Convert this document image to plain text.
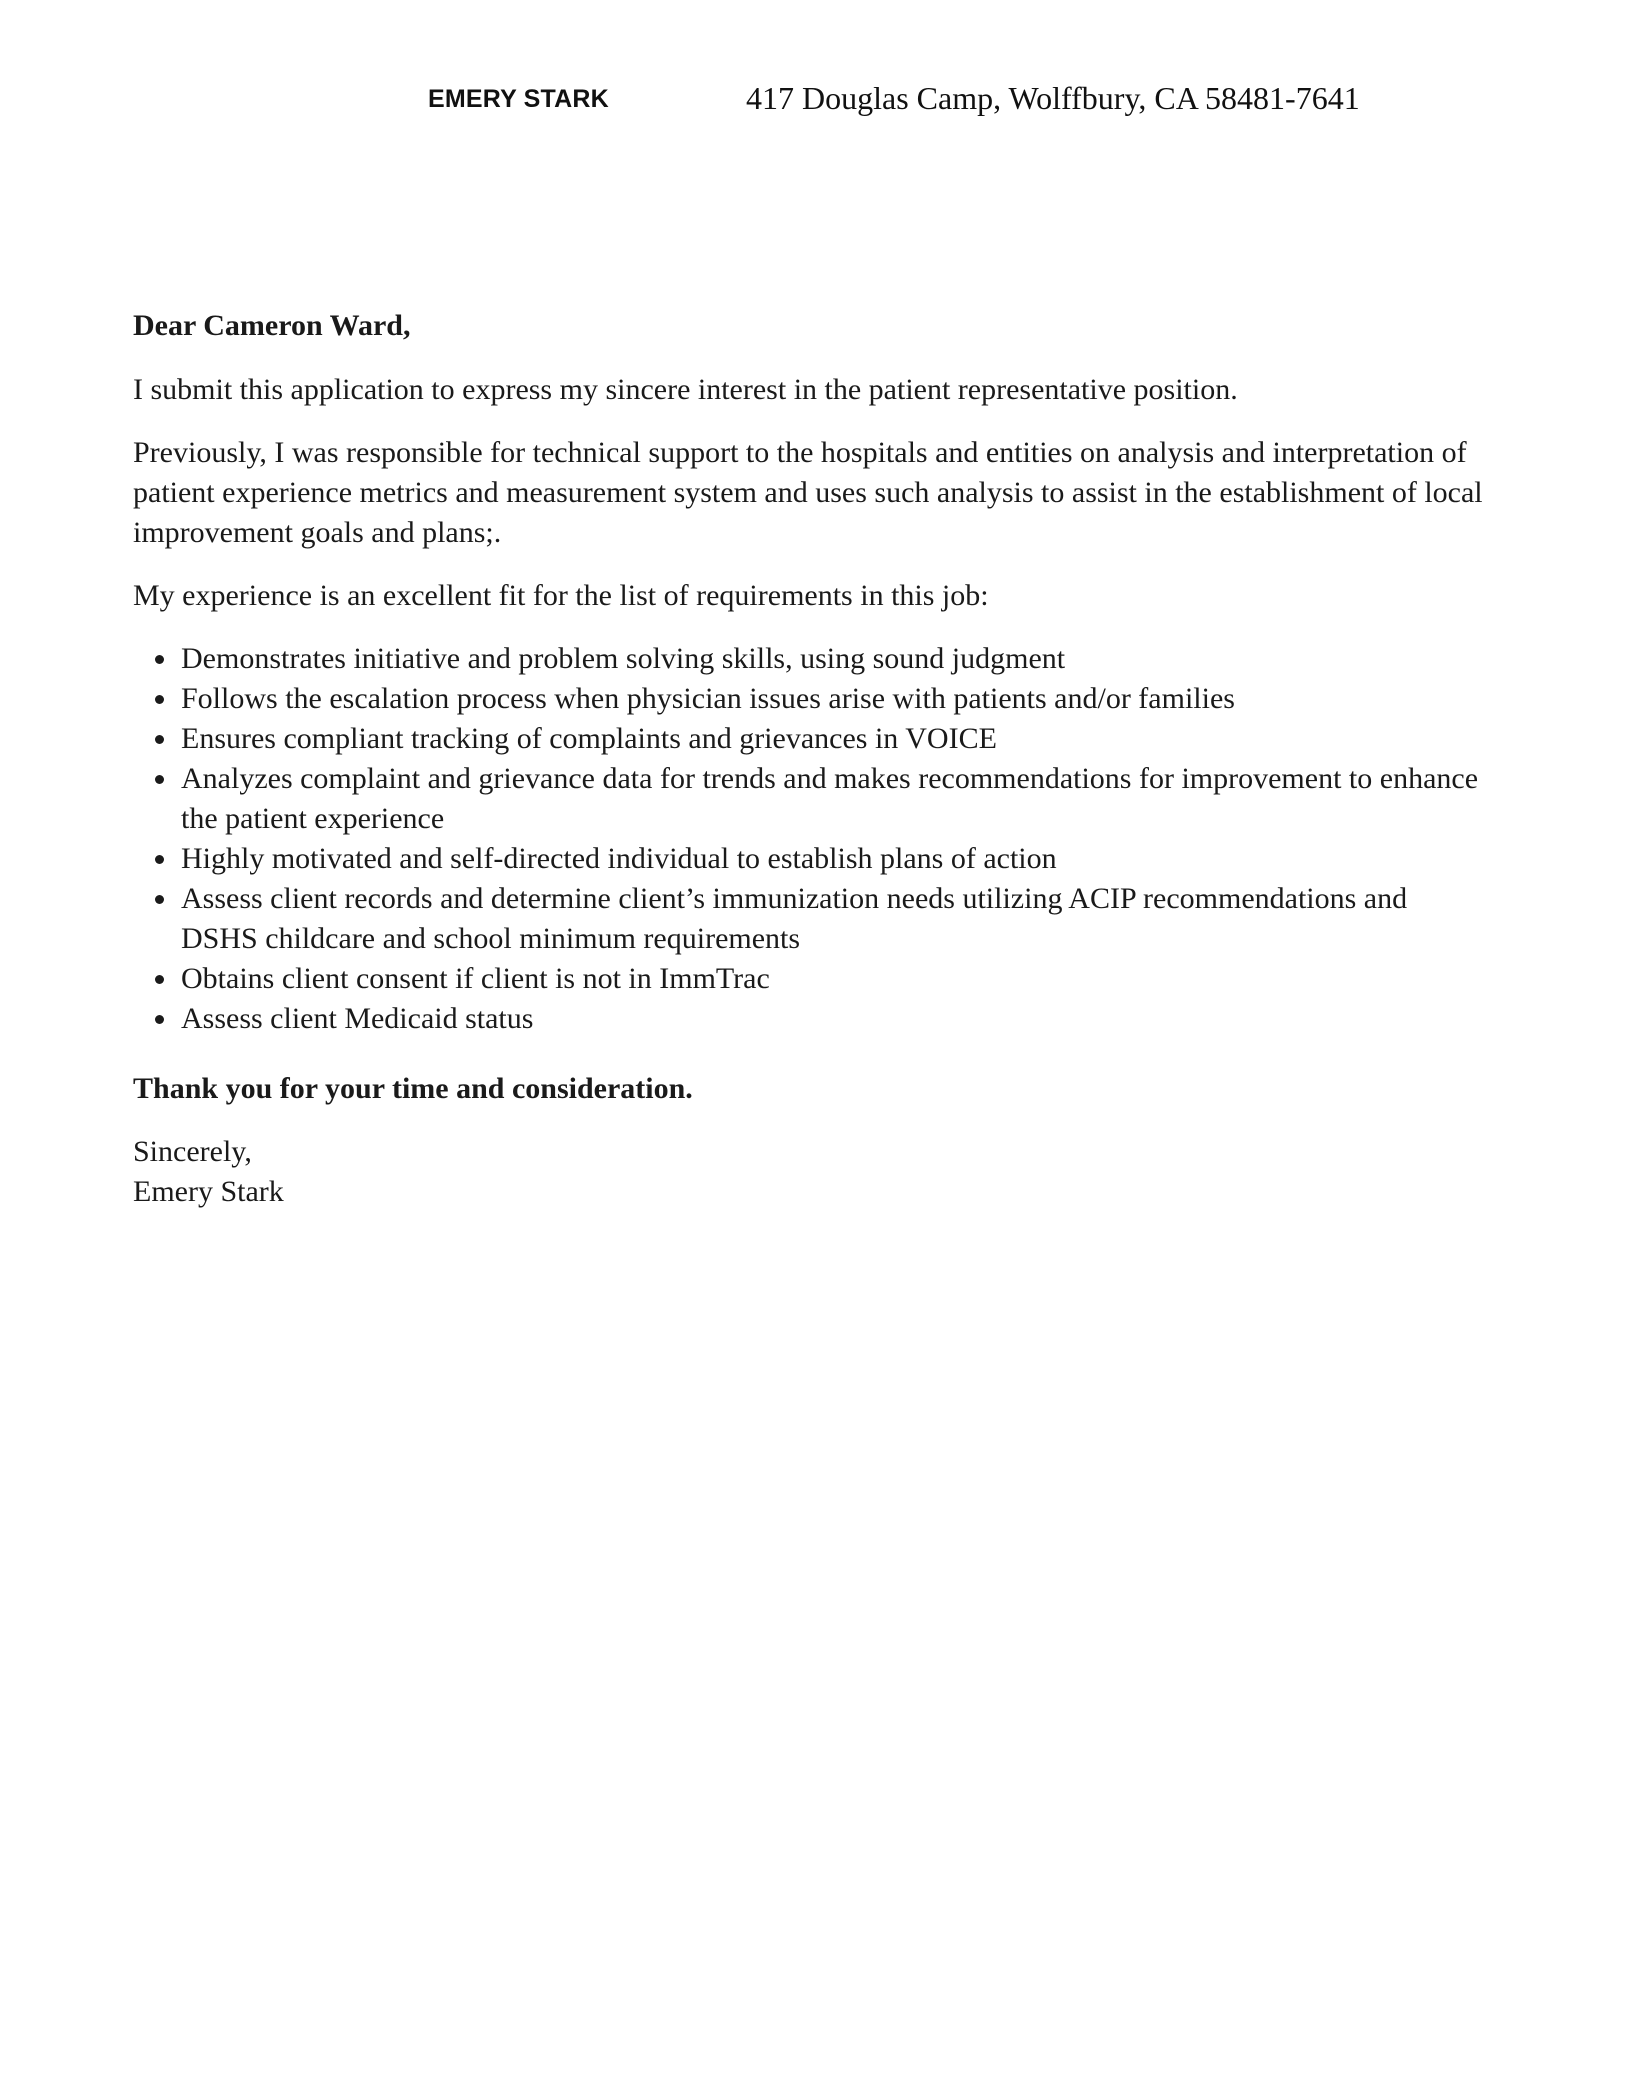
EMERY STARK	417 Douglas Camp, Wolffbury, CA 58481-7641

Dear Cameron Ward,

I submit this application to express my sincere interest in the patient representative position.

Previously, I was responsible for technical support to the hospitals and entities on analysis and interpretation of patient experience metrics and measurement system and uses such analysis to assist in the establishment of local improvement goals and plans;.

My experience is an excellent fit for the list of requirements in this job:

Demonstrates initiative and problem solving skills, using sound judgment
Follows the escalation process when physician issues arise with patients and/or families
Ensures compliant tracking of complaints and grievances in VOICE
Analyzes complaint and grievance data for trends and makes recommendations for improvement to enhance the patient experience
Highly motivated and self-directed individual to establish plans of action
Assess client records and determine client’s immunization needs utilizing ACIP recommendations and DSHS childcare and school minimum requirements
Obtains client consent if client is not in ImmTrac
Assess client Medicaid status

Thank you for your time and consideration.

Sincerely,

Emery Stark
